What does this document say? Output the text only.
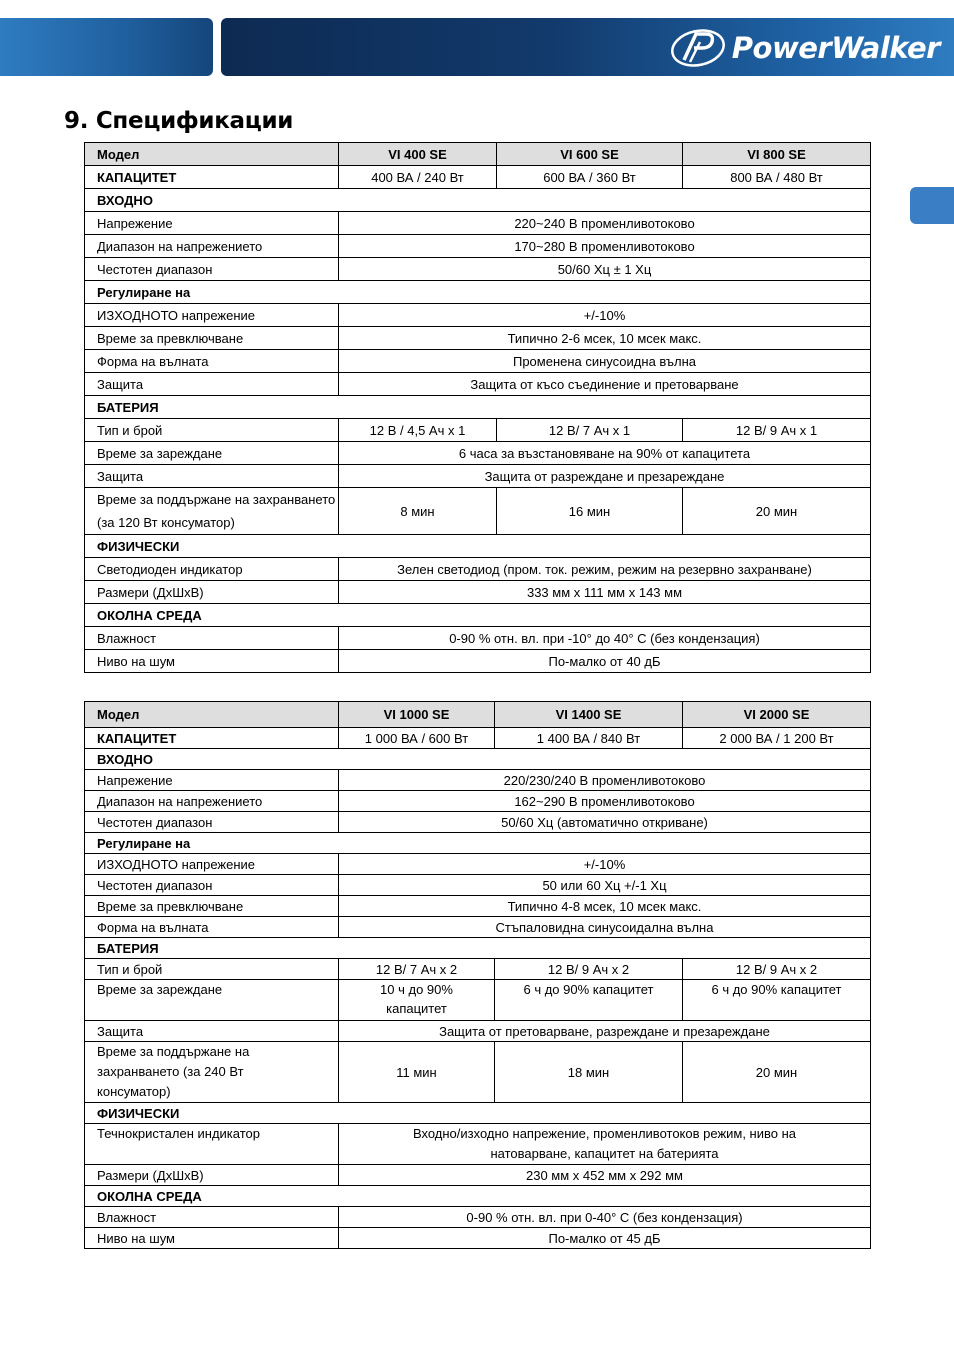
PowerWalker
9. Спецификации
Модел	VI 400 SE	VI 600 SE	VI 800 SE
КАПАЦИТЕТ	400 ВА / 240 Вт	600 ВА / 360 Вт	800 ВА / 480 Вт
ВХОДНО			
Напрежение	220~240 В променливотоково		
Диапазон на напрежението	170~280 В променливотоково		
Честотен диапазон	50/60 Хц ± 1 Хц		
Регулиране на			
ИЗХОДНОТО напрежение	+/-10%		
Време за превключване	Типично 2-6 мсек, 10 мсек макс.		
Форма на вълната	Променена синусоидна вълна		
Защита	Защита от късо съединение и претоварване		
БАТЕРИЯ			
Тип и брой	12 В / 4,5 Ач x 1	12 В/ 7 Ач x 1	12 В/ 9 Ач x 1
Време за зареждане	6 часа за възстановяване на 90% от капацитета		
Защита	Защита от разреждане и презареждане		
Време за поддържане на захранването (за 120 Вт консуматор)	8 мин	16 мин	20 мин
ФИЗИЧЕСКИ			
Светодиоден индикатор	Зелен светодиод (пром. ток. режим, режим на резервно захранване)		
Размери (ДхШхВ)	333 мм x 111 мм x 143 мм		
ОКОЛНА СРЕДА			
Влажност	0-90 % отн. вл. при -10° до 40° C (без кондензация)		
Ниво на шум	По-малко от 40 дБ		
Модел	VI 1000 SE	VI 1400 SE	VI 2000 SE
КАПАЦИТЕТ	1 000 ВА / 600 Вт	1 400 ВА / 840 Вт	2 000 ВА / 1 200 Вт
ВХОДНО			
Напрежение	220/230/240 В променливотоково		
Диапазон на напрежението	162~290 В променливотоково		
Честотен диапазон	50/60 Хц (автоматично откриване)		
Регулиране на			
ИЗХОДНОТО напрежение	+/-10%		
Честотен диапазон	50 или 60 Хц +/-1 Хц		
Време за превключване	Типично 4-8 мсек, 10 мсек макс.		
Форма на вълната	Стъпаловидна синусоидална вълна		
БАТЕРИЯ			
Тип и брой	12 В/ 7 Ач x 2	12 В/ 9 Ач x 2	12 В/ 9 Ач x 2
Време за зареждане	10 ч до 90% капацитет	6 ч до 90% капацитет	6 ч до 90% капацитет
Защита	Защита от претоварване, разреждане и презареждане		
Време за поддържане на захранването (за 240 Вт консуматор)	11 мин	18 мин	20 мин
ФИЗИЧЕСКИ			
Течнокристален индикатор	Входно/изходно напрежение, променливотоков режим, ниво на натоварване, капацитет на батерията		
Размери (ДхШхВ)	230 мм x 452 мм x 292 мм		
ОКОЛНА СРЕДА			
Влажност	0-90 % отн. вл. при 0-40° C (без кондензация)		
Ниво на шум	По-малко от 45 дБ		
